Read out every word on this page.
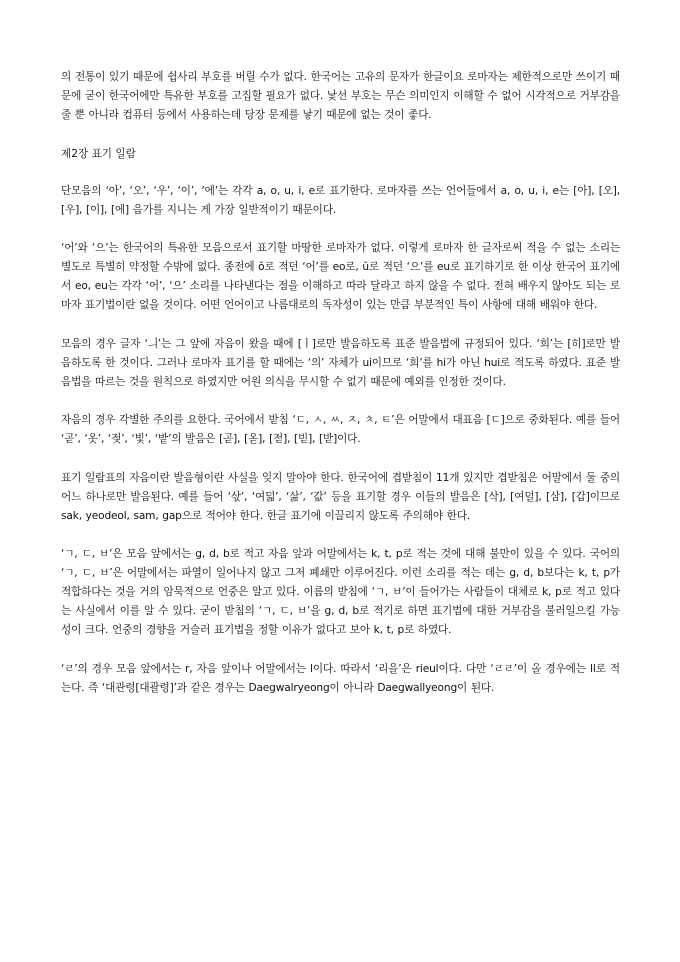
의 전통이 있기 때문에 쉽사리 부호를 버릴 수가 없다. 한국어는 고유의 문자가 한글이요 로마자는 제한적으로만 쓰이기 때문에 굳이 한국어에만 특유한 부호를 고집할 필요가 없다. 낯선 부호는 무슨 의미인지 이해할 수 없어 시각적으로 거부감을 줄 뿐 아니라 컴퓨터 등에서 사용하는데 당장 문제를 낳기 때문에 없는 것이 좋다.

제2장 표기 일람

단모음의 ‘아’, ‘오’, ‘우’, ‘이’, ‘에’는 각각 a, o, u, i, e로 표기한다. 로마자를 쓰는 언어들에서 a, o, u, i, e는 [아], [오], [우], [이], [에] 음가를 지니는 게 가장 일반적이기 때문이다.

‘어’와 ‘으’는 한국어의 특유한 모음으로서 표기할 마땅한 로마자가 없다. 이렇게 로마자 한 글자로써 적을 수 없는 소리는 별도로 특별히 약정할 수밖에 없다. 종전에 ŏ로 적던 ‘어’를 eo로, ŭ로 적던 ‘으’를 eu로 표기하기로 한 이상 한국어 표기에서 eo, eu는 각각 ‘어’, ‘으’ 소리를 나타낸다는 점을 이해하고 따라 달라고 하지 않을 수 없다. 전혀 배우지 않아도 되는 로마자 표기법이란 없을 것이다. 어떤 언어이고 나름대로의 독자성이 있는 만큼 부분적인 특이 사항에 대해 배워야 한다.

모음의 경우 글자 ‘ㅢ’는 그 앞에 자음이 왔을 때에 [ㅣ]로만 발음하도록 표준 발음법에 규정되어 있다. ‘희’는 [히]로만 발음하도록 한 것이다. 그러나 로마자 표기를 할 때에는 ‘의’ 자체가 ui이므로 ‘희’를 hi가 아닌 hui로 적도록 하였다. 표준 발음법을 따르는 것을 원칙으로 하였지만 어원 의식을 무시할 수 없기 때문에 예외를 인정한 것이다.

자음의 경우 각별한 주의를 요한다. 국어에서 받침 ‘ㄷ, ㅅ, ㅆ, ㅈ, ㅊ, ㅌ’은 어말에서 대표음 [ㄷ]으로 중화된다. 예를 들어 ‘곧’, ‘옷’, ‘젖’, ‘빛’, ‘밭’의 발음은 [곧], [옫], [젇], [빋], [받]이다.

표기 일람표의 자음이란 발음형이란 사실을 잊지 말아야 한다. 한국어에 겹받침이 11개 있지만 겹받침은 어말에서 둘 중의 어느 하나로만 발음된다. 예를 들어 ‘삯’, ‘여덟’, ‘삶’, ‘값’ 등을 표기할 경우 이들의 발음은 [삭], [여덜], [삼], [갑]이므로 sak, yeodeol, sam, gap으로 적어야 한다. 한글 표기에 이끌리지 않도록 주의해야 한다.

‘ㄱ, ㄷ, ㅂ’은 모음 앞에서는 g, d, b로 적고 자음 앞과 어말에서는 k, t, p로 적는 것에 대해 불만이 있을 수 있다. 국어의 ‘ㄱ, ㄷ, ㅂ’은 어말에서는 파열이 일어나지 않고 그저 폐쇄만 이루어진다. 이런 소리를 적는 데는 g, d, b보다는 k, t, p가 적합하다는 것을 거의 암묵적으로 언중은 알고 있다. 이름의 받침에 ‘ㄱ, ㅂ’이 들어가는 사람들이 대체로 k, p로 적고 있다는 사실에서 이를 알 수 있다. 굳이 받침의 ‘ㄱ, ㄷ, ㅂ’을 g, d, b로 적기로 하면 표기법에 대한 거부감을 불러일으킬 가능성이 크다. 언중의 경향을 거슬러 표기법을 정할 이유가 없다고 보아 k, t, p로 하였다.

‘ㄹ’의 경우 모음 앞에서는 r, 자음 앞이나 어말에서는 l이다. 따라서 ‘리을’은 rieul이다. 다만 ‘ㄹㄹ’이 올 경우에는 ll로 적는다. 즉 ‘대관령[대괄령]’과 같은 경우는 Daegwalryeong이 아니라 Daegwallyeong이 된다.
